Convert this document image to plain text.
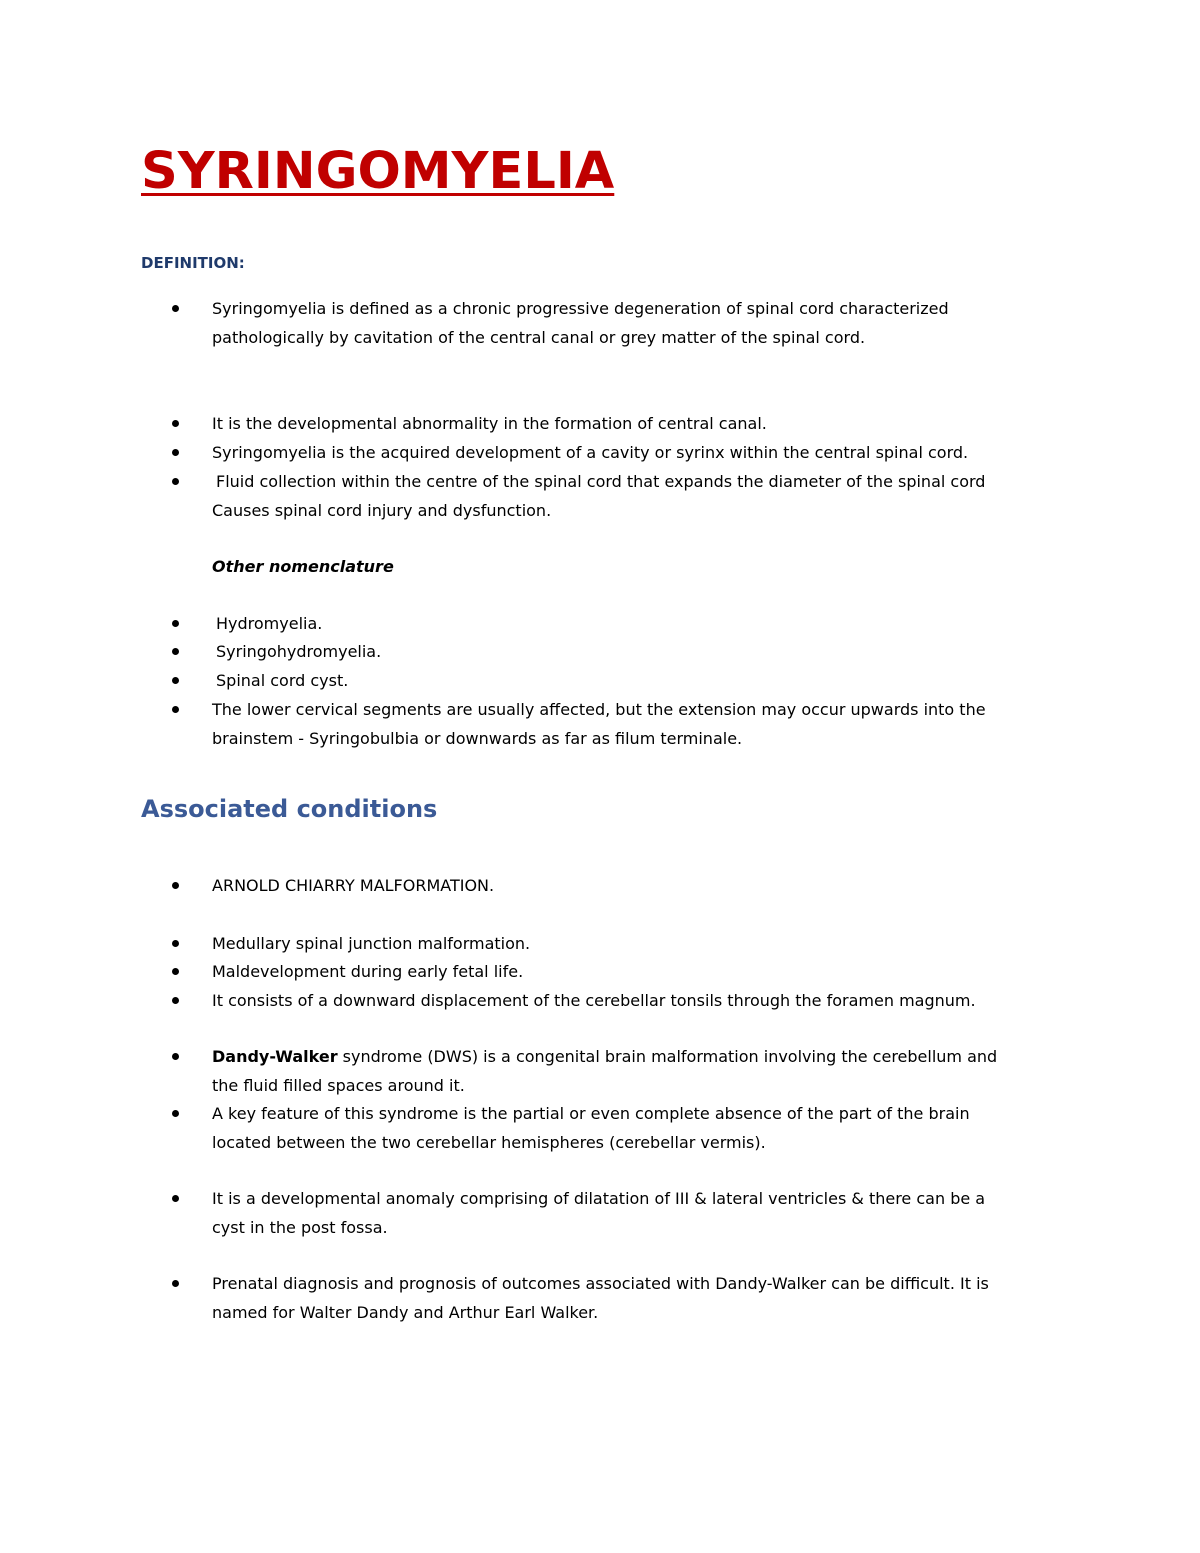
SYRINGOMYELIA
DEFINITION:
Syringomyelia is defined as a chronic progressive degeneration of spinal cord characterized
pathologically by cavitation of the central canal or grey matter of the spinal cord.
It is the developmental abnormality in the formation of central canal.
Syringomyelia is the acquired development of a cavity or syrinx within the central spinal cord.
Fluid collection within the centre of the spinal cord that expands the diameter of the spinal cord
Causes spinal cord injury and dysfunction.
Other nomenclature
Hydromyelia.
Syringohydromyelia.
Spinal cord cyst.
The lower cervical segments are usually affected, but the extension may occur upwards into the
brainstem - Syringobulbia or downwards as far as filum terminale.
Associated conditions
ARNOLD CHIARRY MALFORMATION.
Medullary spinal junction malformation.
Maldevelopment during early fetal life.
It consists of a downward displacement of the cerebellar tonsils through the foramen magnum.
Dandy-Walker syndrome (DWS) is a congenital brain malformation involving the cerebellum and
the fluid filled spaces around it.
A key feature of this syndrome is the partial or even complete absence of the part of the brain
located between the two cerebellar hemispheres (cerebellar vermis).
It is a developmental anomaly comprising of dilatation of III & lateral ventricles & there can be a
cyst in the post fossa.
Prenatal diagnosis and prognosis of outcomes associated with Dandy-Walker can be difficult. It is
named for Walter Dandy and Arthur Earl Walker.
